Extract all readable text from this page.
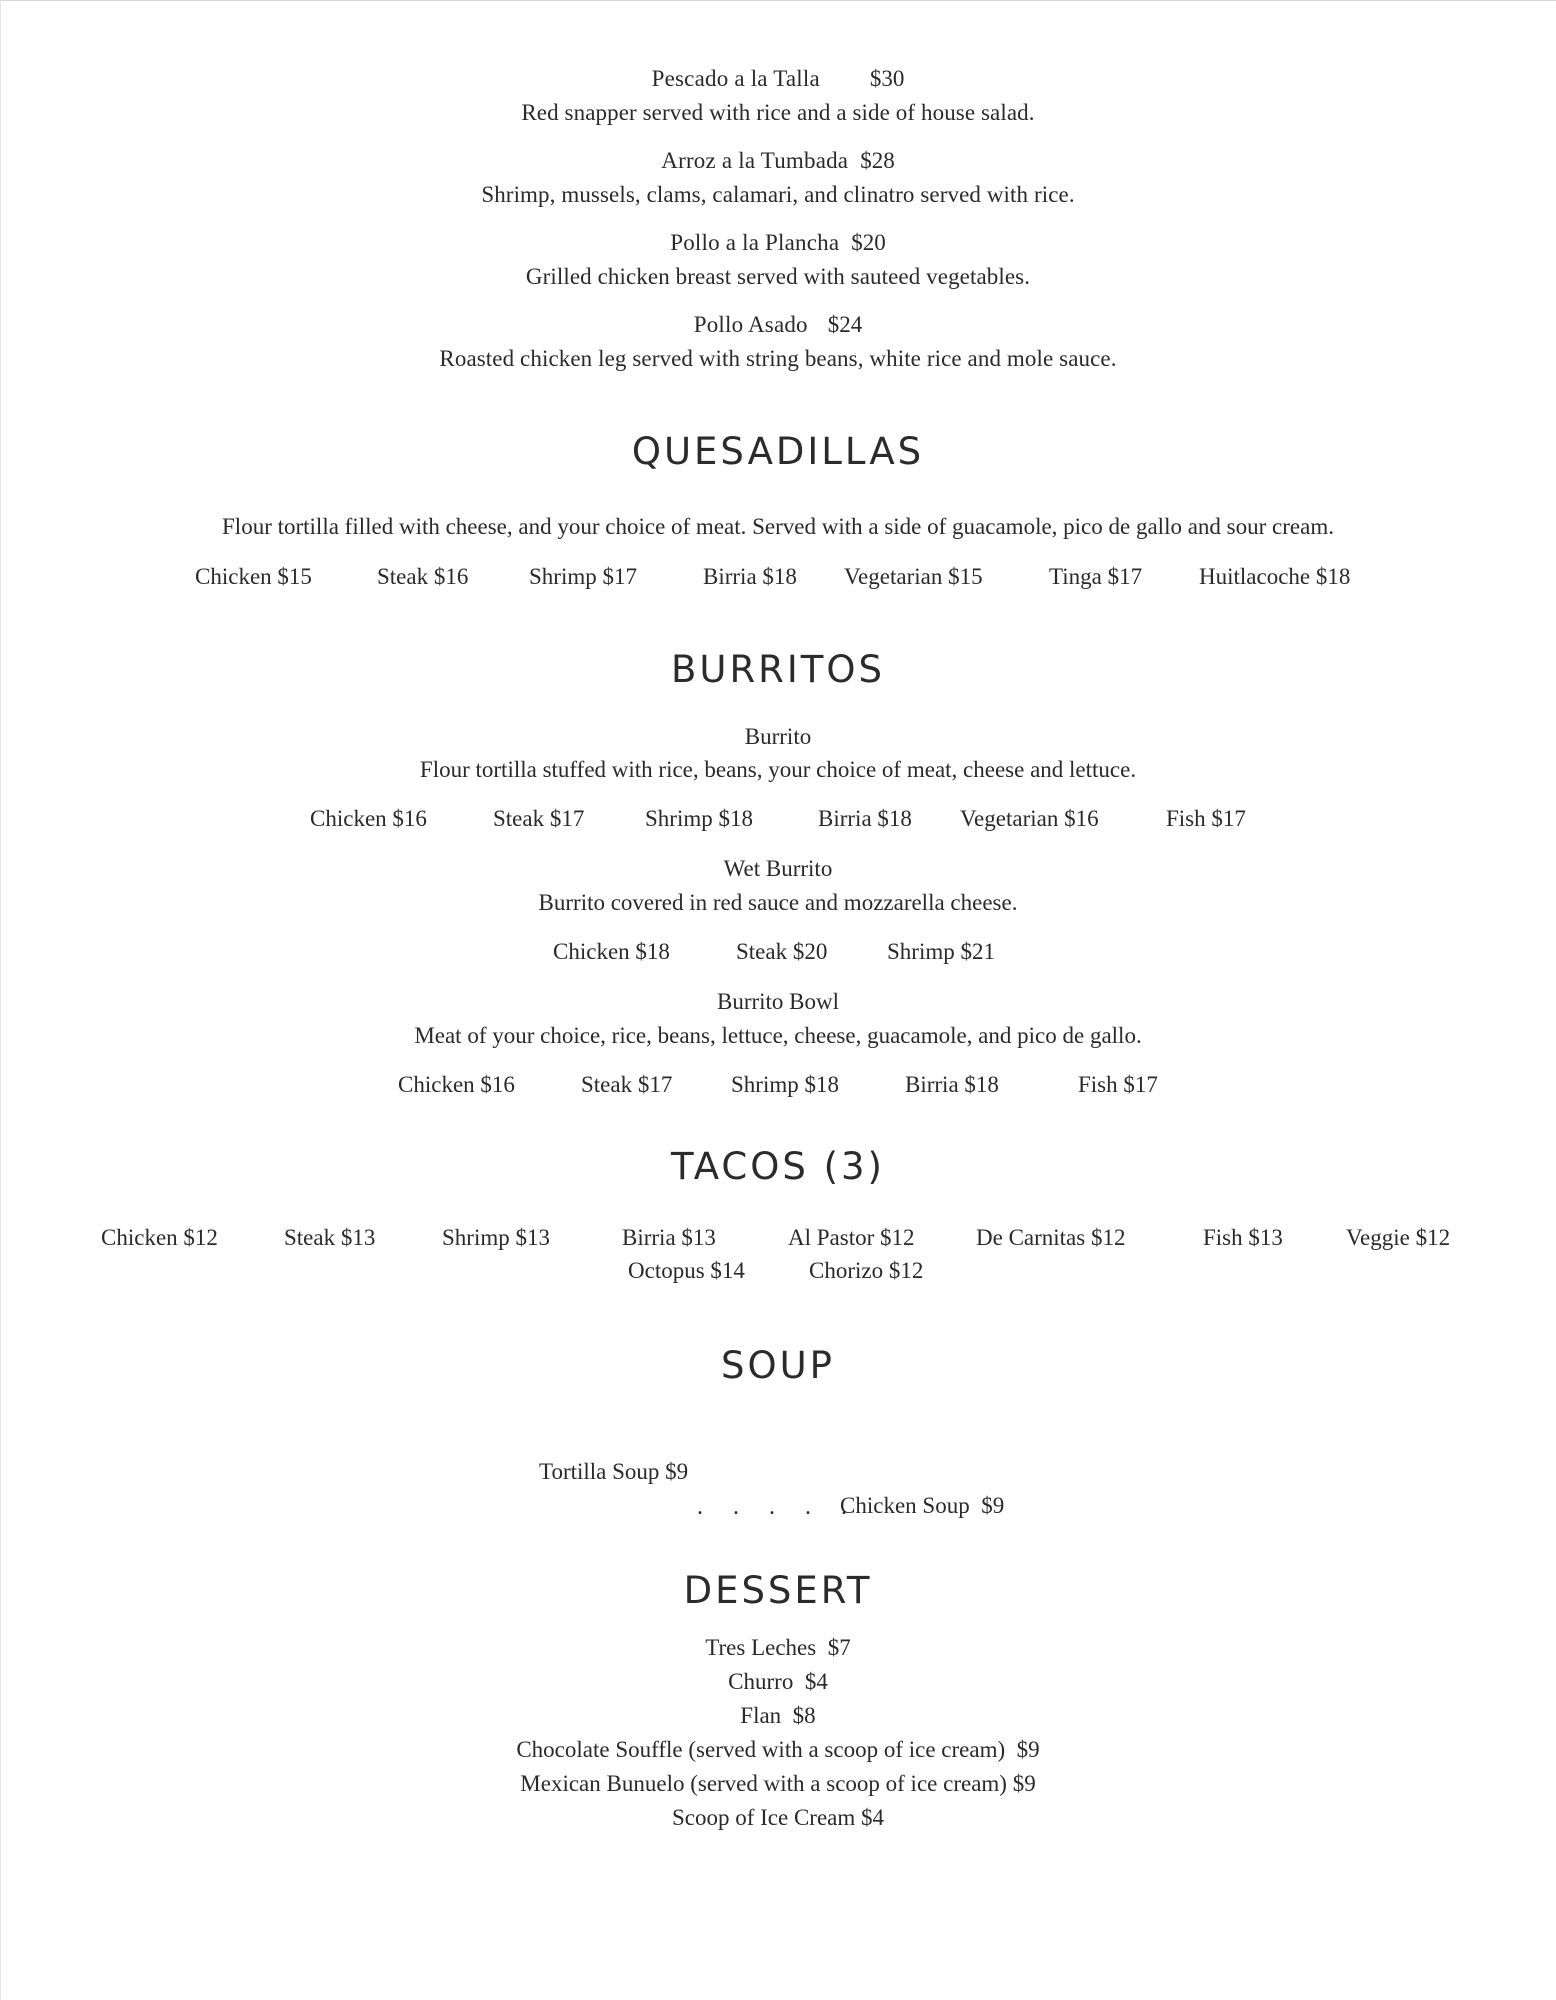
Pescado a la Talla $30
Red snapper served with rice and a side of house salad.
Arroz a la Tumbada $28
Shrimp, mussels, clams, calamari, and clinatro served with rice.
Pollo a la Plancha $20
Grilled chicken breast served with sauteed vegetables.
Pollo Asado $24
Roasted chicken leg served with string beans, white rice and mole sauce.
QUESADILLAS
Flour tortilla filled with cheese, and your choice of meat. Served with a side of guacamole, pico de gallo and sour cream.
Chicken $15	Steak $16	Shrimp $17	Birria $18 Vegetarian $15	Tinga $17 Huitlacoche $18
BURRITOS
Burrito
Flour tortilla stuffed with rice, beans, your choice of meat, cheese and lettuce.
Chicken $16	Steak $17	Shrimp $18	Birria $18 Vegetarian $16	Fish $17
Wet Burrito
Burrito covered in red sauce and mozzarella cheese.
Chicken $18	Steak $20	Shrimp $21
Burrito Bowl
Meat of your choice, rice, beans, lettuce, cheese, guacamole, and pico de gallo.
Chicken $16	Steak $17	Shrimp $18	Birria $18	Fish $17
TACOS (3)
Chicken $12	Steak $13	Shrimp $13	Birria $13	Al Pastor $12	De Carnitas $12	Fish $13	Veggie $12
Octopus $14	Chorizo $12
SOUP

Tortilla Soup $9

Chicken Soup  $9

. . . . .
DESSERT
Tres Leches  $7
Churro  $4
Flan  $8
Chocolate Souffle (served with a scoop of ice cream)  $9
Mexican Bunuelo (served with a scoop of ice cream) $9
Scoop of Ice Cream $4
